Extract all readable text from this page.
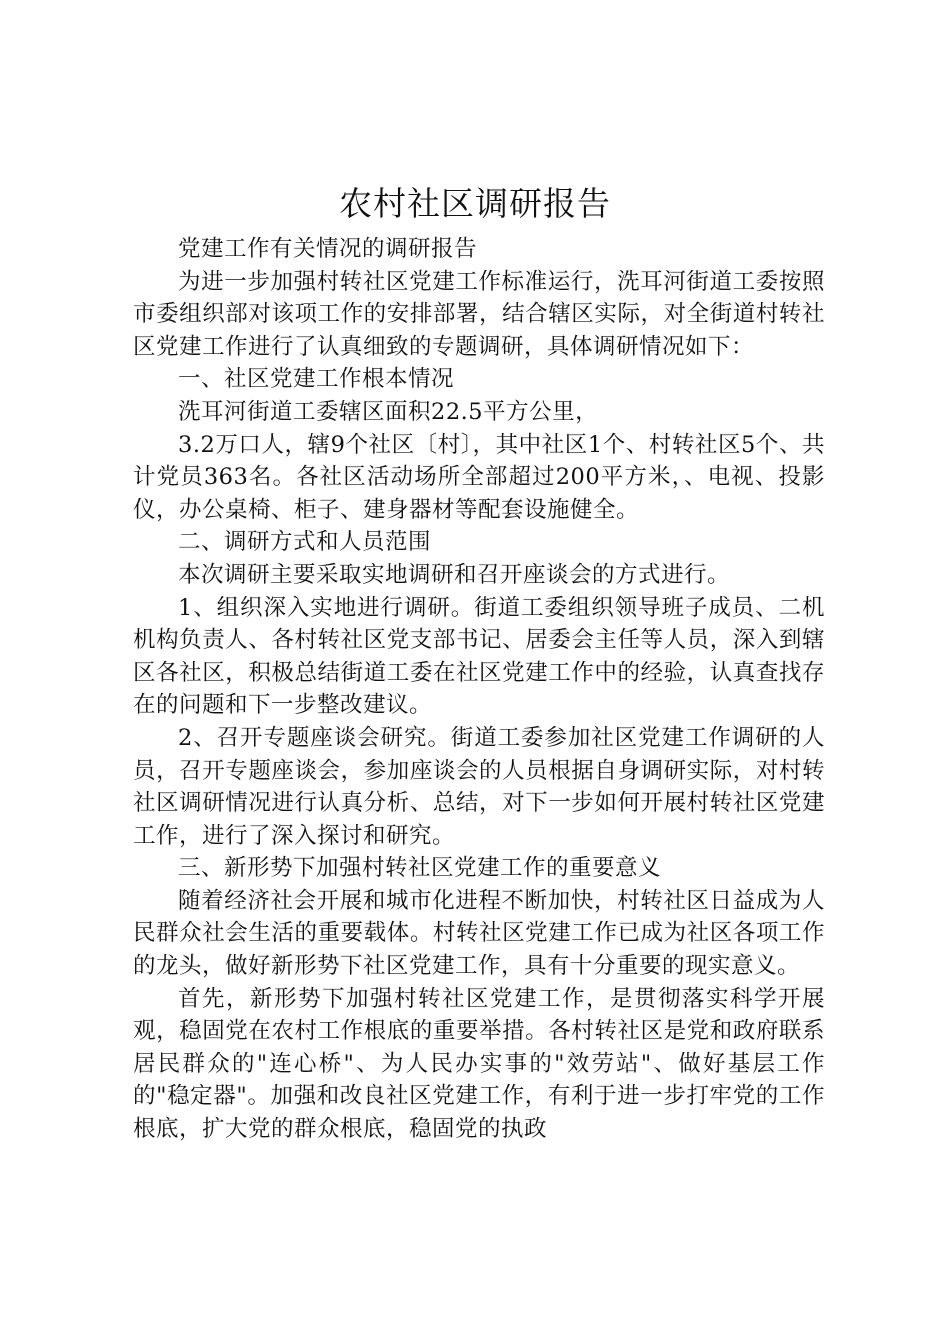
农村社区调研报告

党建工作有关情况的调研报告

为进一步加强村转社区党建工作标准运行，洗耳河街道工委按照市委组织部对该项工作的安排部署，结合辖区实际，对全街道村转社区党建工作进行了认真细致的专题调研，具体调研情况如下：

一、社区党建工作根本情况

洗耳河街道工委辖区面积22.5平方公里，

3.2万口人，辖9个社区〔村〕，其中社区1个、村转社区5个、共计党员363名。各社区活动场所全部超过200平方米，、电视、投影仪，办公桌椅、柜子、建身器材等配套设施健全。

二、调研方式和人员范围

本次调研主要采取实地调研和召开座谈会的方式进行。

1、组织深入实地进行调研。街道工委组织领导班子成员、二机机构负责人、各村转社区党支部书记、居委会主任等人员，深入到辖区各社区，积极总结街道工委在社区党建工作中的经验，认真查找存在的问题和下一步整改建议。

2、召开专题座谈会研究。街道工委参加社区党建工作调研的人员，召开专题座谈会，参加座谈会的人员根据自身调研实际，对村转社区调研情况进行认真分析、总结，对下一步如何开展村转社区党建工作，进行了深入探讨和研究。

三、新形势下加强村转社区党建工作的重要意义

随着经济社会开展和城市化进程不断加快，村转社区日益成为人民群众社会生活的重要载体。村转社区党建工作已成为社区各项工作的龙头，做好新形势下社区党建工作，具有十分重要的现实意义。

首先，新形势下加强村转社区党建工作，是贯彻落实科学开展观，稳固党在农村工作根底的重要举措。各村转社区是党和政府联系居民群众的"连心桥"、为人民办实事的"效劳站"、做好基层工作的"稳定器"。加强和改良社区党建工作，有利于进一步打牢党的工作根底，扩大党的群众根底，稳固党的执政
